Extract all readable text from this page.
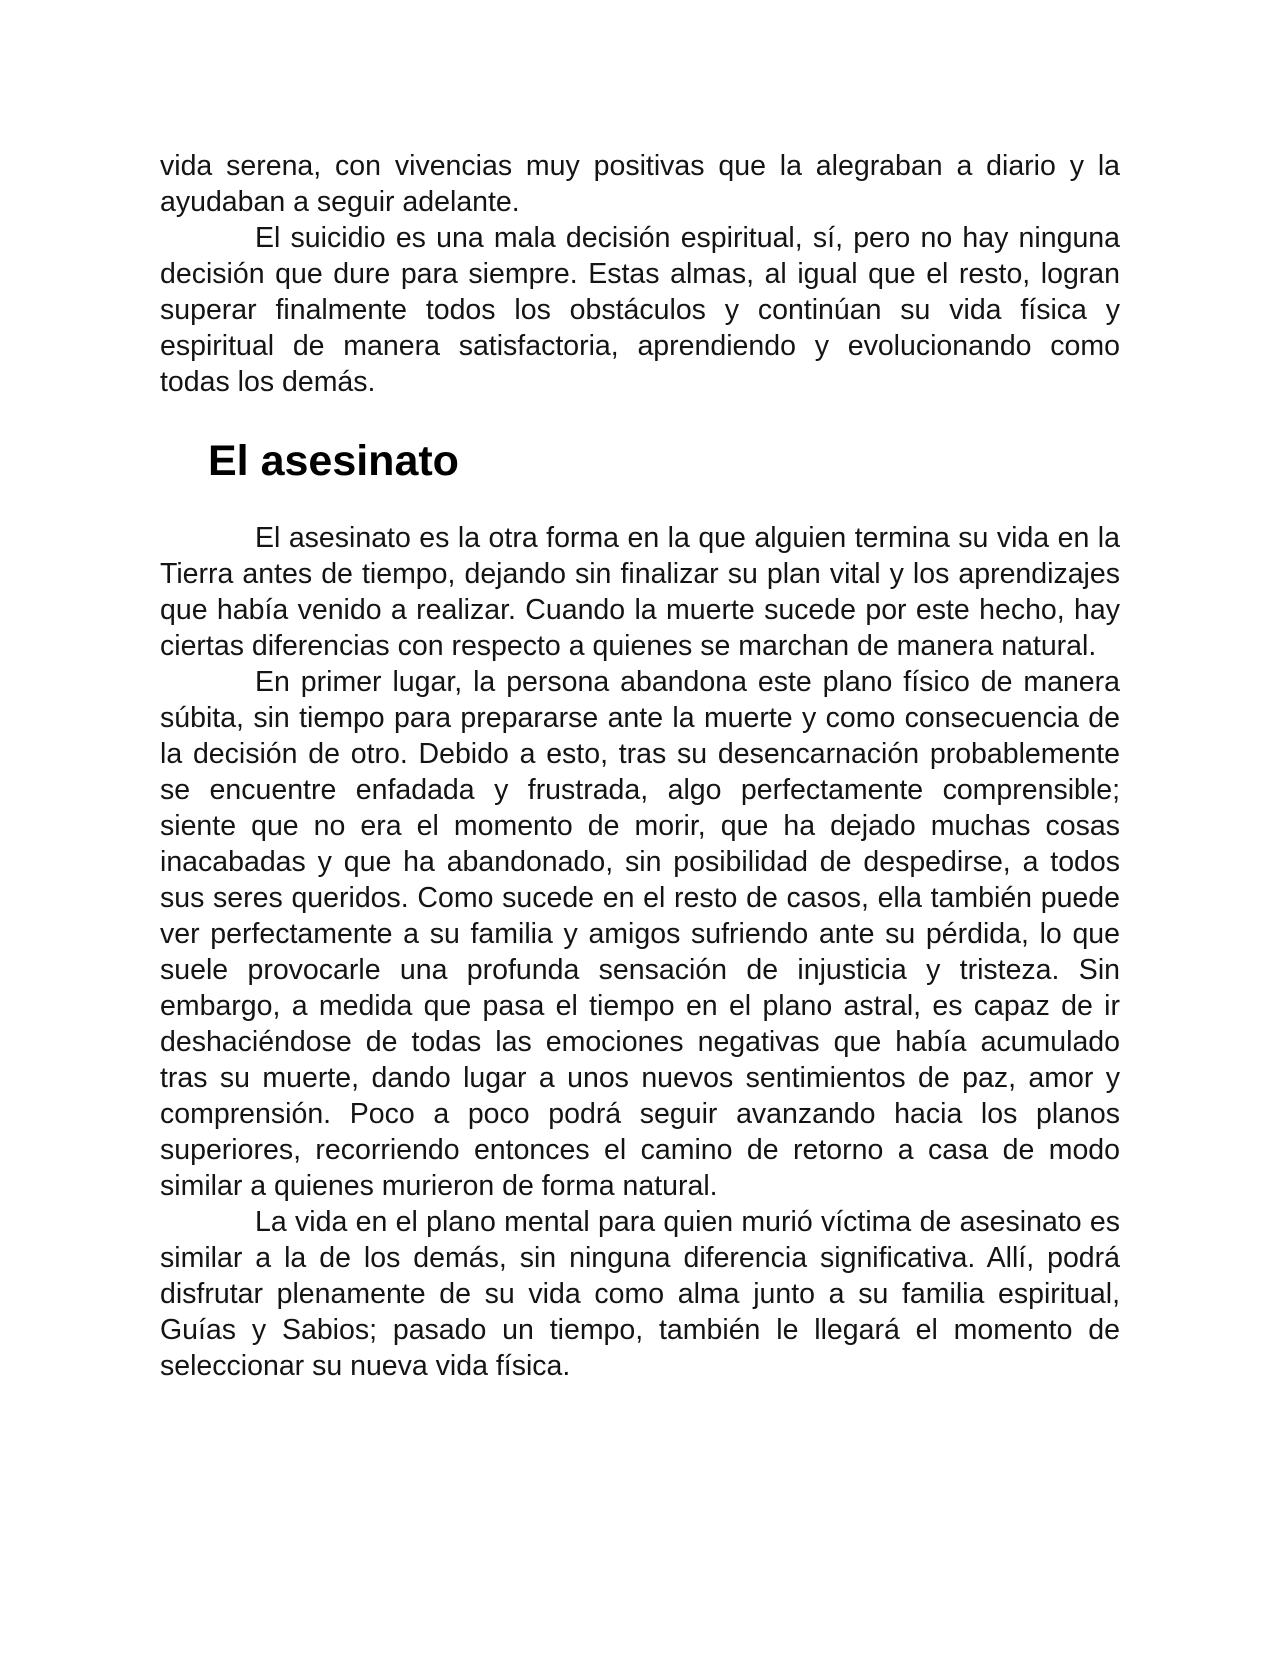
vida serena, con vivencias muy positivas que la alegraban a diario y la ayudaban a seguir adelante.

El suicidio es una mala decisión espiritual, sí, pero no hay ninguna decisión que dure para siempre. Estas almas, al igual que el resto, logran superar finalmente todos los obstáculos y continúan su vida física y espiritual de manera satisfactoria, aprendiendo y evolucionando como todas los demás.

El asesinato

El asesinato es la otra forma en la que alguien termina su vida en la Tierra antes de tiempo, dejando sin finalizar su plan vital y los aprendizajes que había venido a realizar. Cuando la muerte sucede por este hecho, hay ciertas diferencias con respecto a quienes se marchan de manera natural.

En primer lugar, la persona abandona este plano físico de manera súbita, sin tiempo para prepararse ante la muerte y como consecuencia de la decisión de otro. Debido a esto, tras su desencarnación probablemente se encuentre enfadada y frustrada, algo perfectamente comprensible; siente que no era el momento de morir, que ha dejado muchas cosas inacabadas y que ha abandonado, sin posibilidad de despedirse, a todos sus seres queridos. Como sucede en el resto de casos, ella también puede ver perfectamente a su familia y amigos sufriendo ante su pérdida, lo que suele provocarle una profunda sensación de injusticia y tristeza. Sin embargo, a medida que pasa el tiempo en el plano astral, es capaz de ir deshaciéndose de todas las emociones negativas que había acumulado tras su muerte, dando lugar a unos nuevos sentimientos de paz, amor y comprensión. Poco a poco podrá seguir avanzando hacia los planos superiores, recorriendo entonces el camino de retorno a casa de modo similar a quienes murieron de forma natural.

La vida en el plano mental para quien murió víctima de asesinato es similar a la de los demás, sin ninguna diferencia significativa. Allí, podrá disfrutar plenamente de su vida como alma junto a su familia espiritual, Guías y Sabios; pasado un tiempo, también le llegará el momento de seleccionar su nueva vida física.
